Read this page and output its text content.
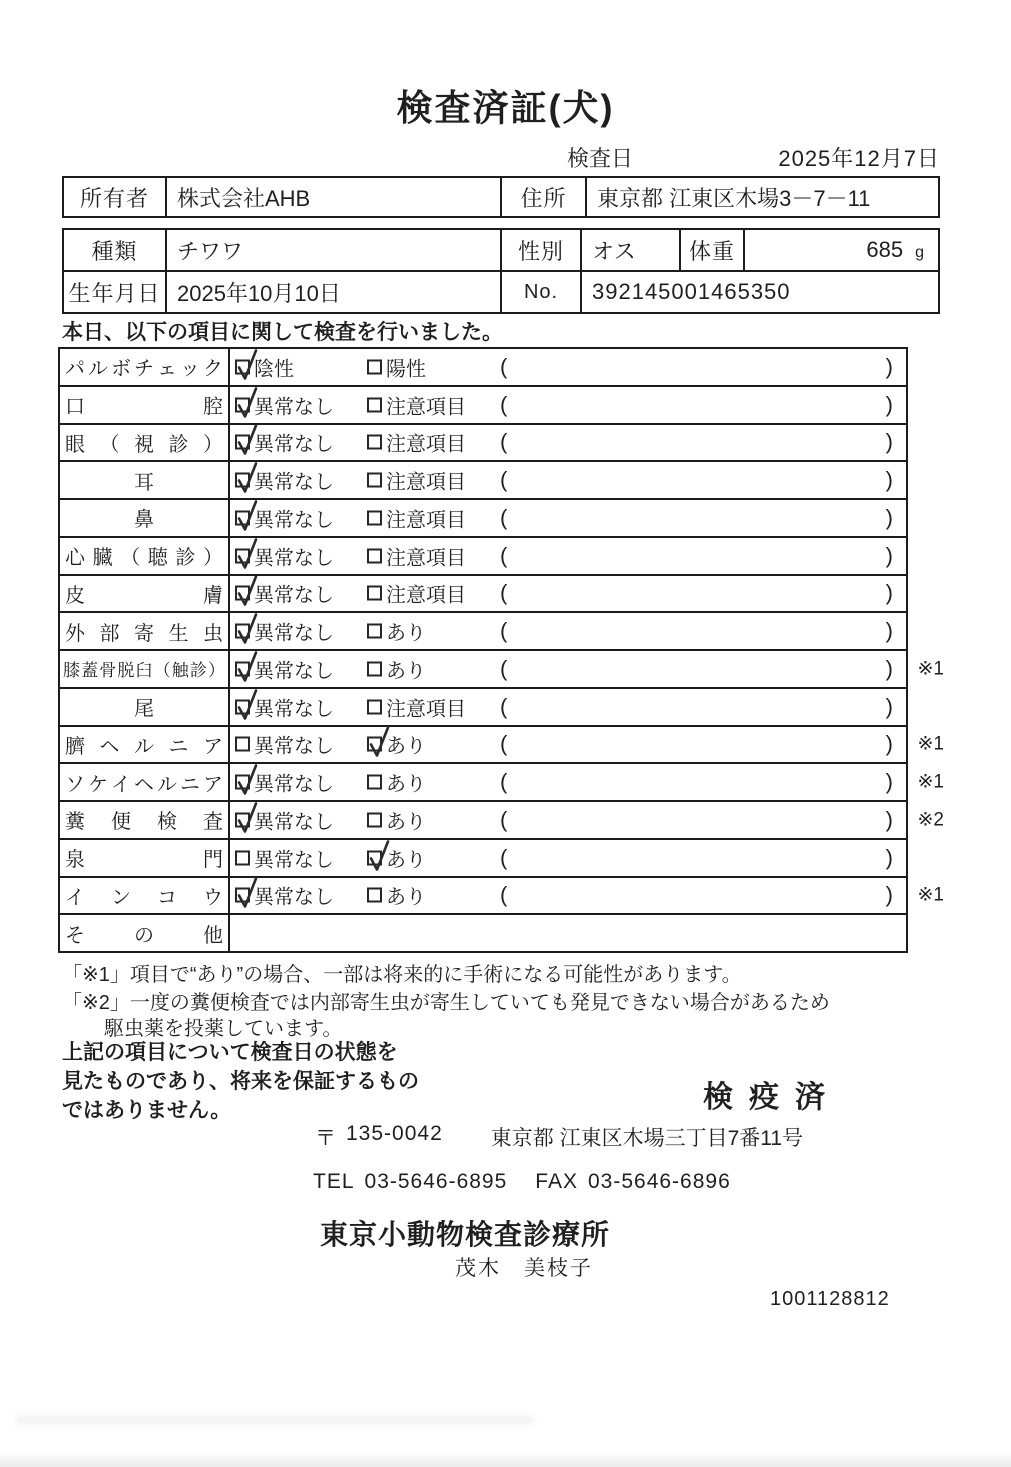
検査済証(犬)
検査日	2025年12月7日
所有者	株式会社AHB	住所	東京都 江東区木場3－7－11
種類	チワワ	性別	オス	体重	685 g
生年月日 2025年10月10日	No.	392145001465350
本日、以下の項目に関して検査を行いました。
パ ル ボ チ ェ ッ ク 陰性	陽性	(	)
口	腔 異常なし	注意項目 (	)
眼 （ 視 診 ） 異常なし	注意項目 (	)
耳	異常なし	注意項目 (	)
鼻	異常なし	注意項目 (	)
心 臓 （ 聴 診 ） 異常なし	注意項目 (	)
皮	膚 異常なし	注意項目 (	)
外 部 寄 生 虫 異常なし	あり	(	)
膝 蓋 骨 脱 臼 （ 触 診 ） 異常なし	あり	(	) ※1
尾	異常なし	注意項目 (	)
臍 ヘ ル ニ ア 異常なし	あり	(	) ※1
ソ ケ イ ヘ ル ニ ア 異常なし	あり	(	) ※1
糞 便 検 査 異常なし	あり	(	) ※2
泉	門 異常なし	あり	(	)
イ ン コ ウ 異常なし	あり	(	) ※1
そ の 他
「※1」項目で“あり”の場合、一部は将来的に手術になる可能性があります。
「※2」一度の糞便検査では内部寄生虫が寄生していても発見できない場合があるため
駆虫薬を投薬しています。
上記の項目について検査日の状態を
見たものであり、将来を保証するもの
ではありません。	検疫済
〒 135-0042 東京都 江東区木場三丁目7番11号
TEL 03-5646-6895 FAX 03-5646-6896
東京小動物検査診療所
茂木　美枝子
1001128812
